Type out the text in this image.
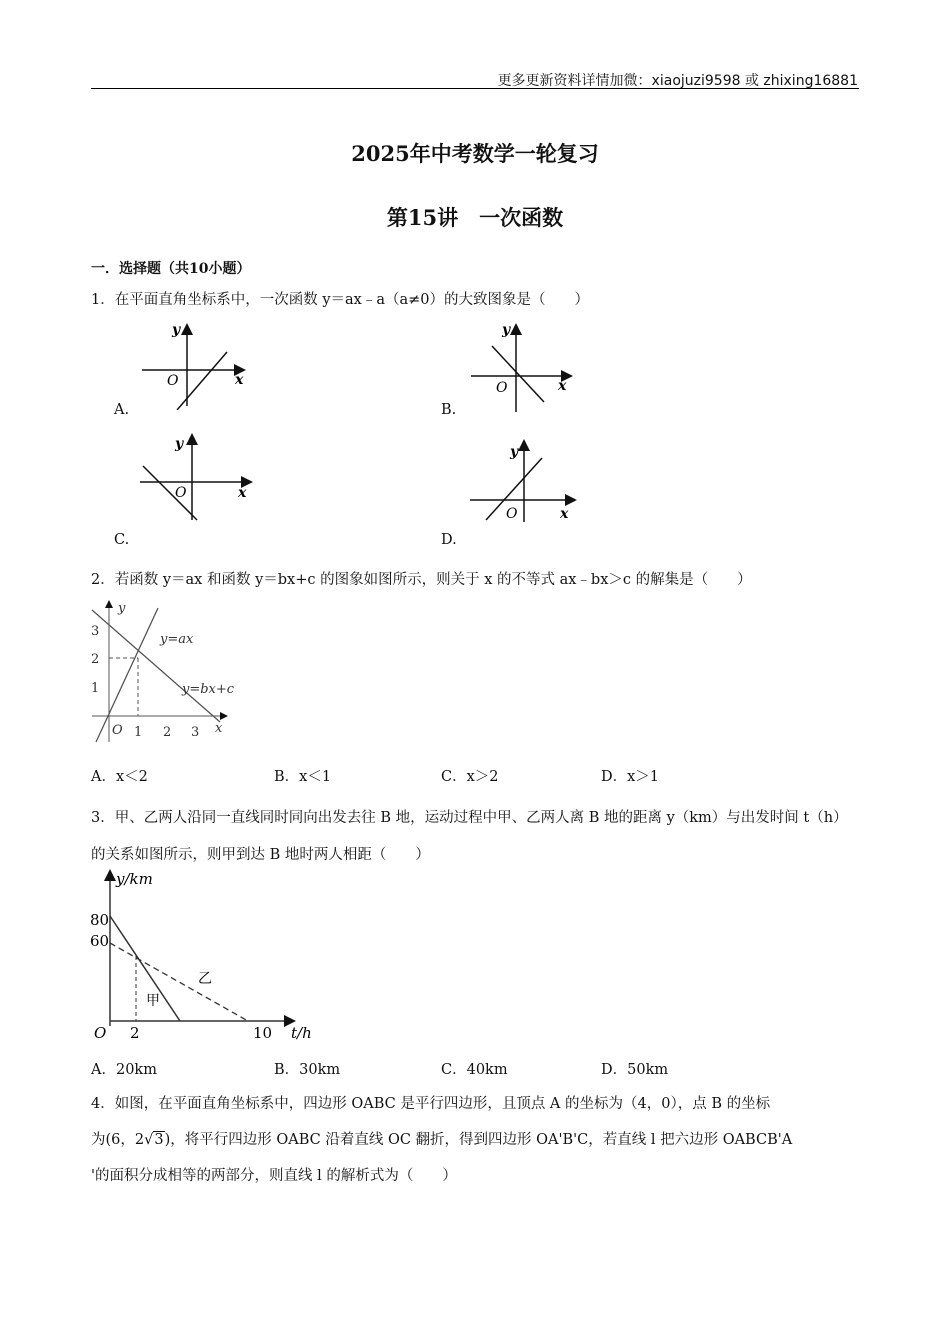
更多更新资料详情加微：xiaojuzi9598 或 zhixing16881
2025年中考数学一轮复习
第15讲　一次函数
一．选择题（共10小题）
1．在平面直角坐标系中，一次函数 y＝ax﹣a（a≠0）的大致图象是（　　）
y
x
O
A.
y
x
O
B.
y
x
O
C.
y
x
O
D.
2．若函数 y＝ax 和函数 y＝bx+c 的图象如图所示，则关于 x 的不等式 ax﹣bx＞c 的解集是（　　）
y
x
O
3
2
1
1 2 3
y=ax
y=bx+c
A．x＜2	B．x＜1	C．x＞2	D．x＞1
3．甲、乙两人沿同一直线同时同向出发去往 B 地，运动过程中甲、乙两人离 B 地的距离 y（km）与出发时间 t（h）的关系如图所示，则甲到达 B 地时两人相距（　　）
y/km
t/h
O
80
60
2	10
甲
乙
A．20km	B．30km	C．40km	D．50km
4．如图，在平面直角坐标系中，四边形 OABC 是平行四边形，且顶点 A 的坐标为（4，0），点 B 的坐标
为(6，2√3)，将平行四边形 OABC 沿着直线 OC 翻折，得到四边形 OA'B'C，若直线 l 把六边形 OABCB'A
'的面积分成相等的两部分，则直线 l 的解析式为（　　）
